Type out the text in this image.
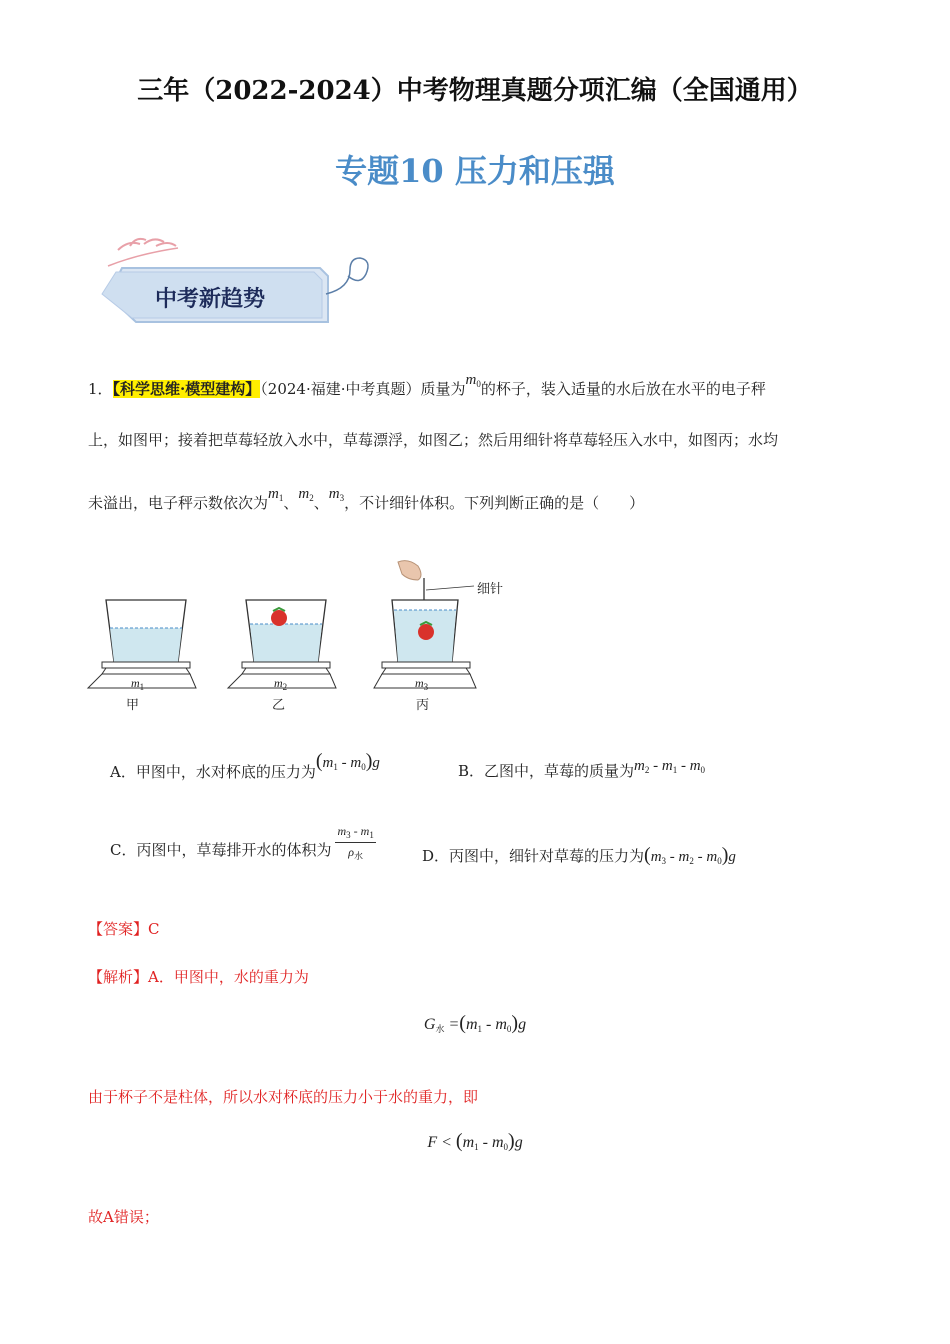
三年（2022-2024）中考物理真题分项汇编（全国通用）
专题10 压力和压强
中考新趋势
1．【科学思维·模型建构】（2024·福建·中考真题）质量为$m_0$的杯子，装入适量的水后放在水平的电子秤
上，如图甲；接着把草莓轻放入水中，草莓漂浮，如图乙；然后用细针将草莓轻压入水中，如图丙；水均
未溢出，电子秤示数依次为$m_1$、$m_2$、$m_3$，不计细针体积。下列判断正确的是（　　）
细针
$m_1$	$m_2$	$m_3$
甲	乙	丙
A．甲图中，水对杯底的压力为$(m_1 - m_0)g$	B．乙图中，草莓的质量为$m_2 - m_1 - m_0$
C．丙图中，草莓排开水的体积为 $\frac{m_3 - m_1}{\rho_水}$	D．丙图中，细针对草莓的压力为$(m_3 - m_2 - m_0)g$
【答案】C
【解析】A．甲图中，水的重力为
$G_水 =(m_1 - m_0)g$
由于杯子不是柱体，所以水对杯底的压力小于水的重力，即
$F < (m_1 - m_0)g$
故A错误；
